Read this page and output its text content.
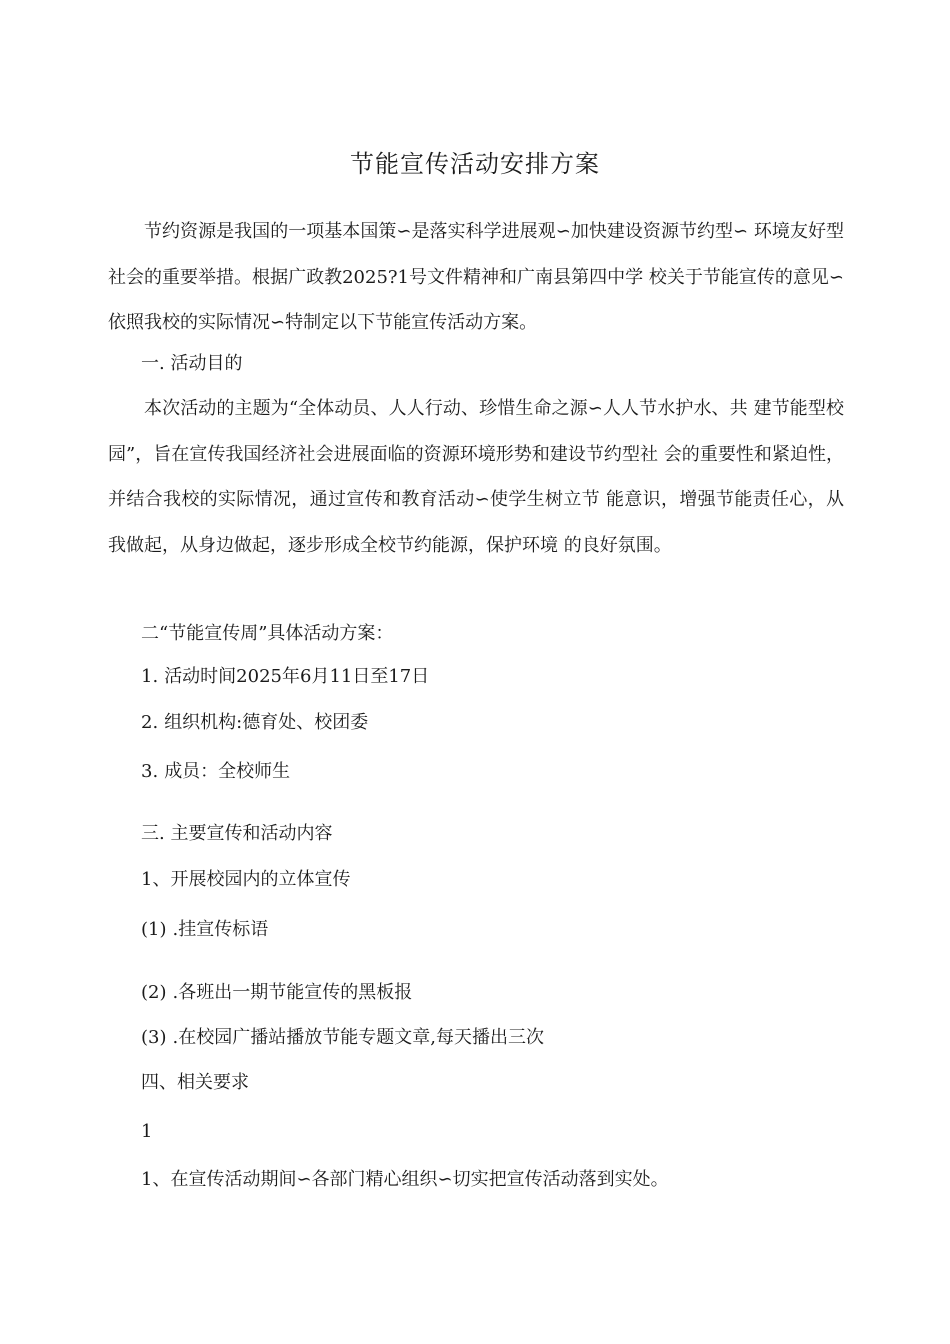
节能宣传活动安排方案

节约资源是我国的一项基本国策∽是落实科学进展观∽加快建设资源节约型∽ 环境友好型社会的重要举措。根据广政教2025?1号文件精神和广南县第四中学 校关于节能宣传的意见∽依照我校的实际情况∽特制定以下节能宣传活动方案。

一. 活动目的

本次活动的主题为“全体动员、人人行动、珍惜生命之源∽人人节水护水、共 建节能型校园”，旨在宣传我国经济社会进展面临的资源环境形势和建设节约型社 会的重要性和紧迫性，并结合我校的实际情况，通过宣传和教育活动∽使学生树立节 能意识，增强节能责任心，从我做起，从身边做起，逐步形成全校节约能源，保护环境 的良好氛围。

二“节能宣传周”具体活动方案：

1. 活动时间2025年6月11日至17日

2. 组织机构:德育处、校团委

3. 成员：全校师生

三. 主要宣传和活动内容

1、开展校园内的立体宣传

(1) .挂宣传标语

(2) .各班出一期节能宣传的黑板报

(3) .在校园广播站播放节能专题文章,每天播出三次

四、相关要求

1

1、在宣传活动期间∽各部门精心组织∽切实把宣传活动落到实处。
